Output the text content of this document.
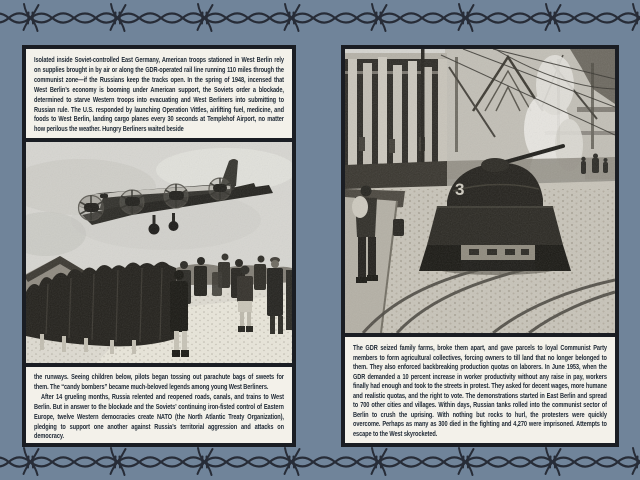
Isolated inside Soviet-controlled East Germany, American troops stationed in West Berlin rely on supplies brought in by air or along the GDR-operated rail line running 110 miles through the communist zone—if the Russians keep the tracks open. In the spring of 1948, incensed that West Berlin’s economy is booming under American support, the Soviets order a blockade, determined to starve Western troops into evacuating and West Berliners into submitting to Russian rule. The U.S. responded by launching Operation Vittles, airlifting fuel, medicine, and foods to West Berlin, landing cargo planes every 30 seconds at Templehof Airport, no matter how perilous the weather. Hungry Berliners waited beside

the runways. Seeing children below, pilots began tossing out parachute bags of sweets for them. The “candy bombers” became much-beloved legends among young West Berliners.

After 14 grueling months, Russia relented and reopened roads, canals, and trains to West Berlin. But in answer to the blockade and the Soviets’ continuing iron-fisted control of Eastern Europe, twelve Western democracies create NATO (the North Atlantic Treaty Organization), pledging to support one another against Russia’s territorial aggression and attacks on democracy.

3

The GDR seized family farms, broke them apart, and gave parcels to loyal Communist Party members to form agricultural collectives, forcing owners to till land that no longer belonged to them. They also enforced backbreaking production quotas on laborers. In June 1953, when the GDR demanded a 10 percent increase in worker productivity without any raise in pay, workers finally had enough and took to the streets in protest. They asked for decent wages, more humane and realistic quotas, and the right to vote. The demonstrations started in East Berlin and spread to 700 other cities and villages. Within days, Russian tanks rolled into the communist sector of Berlin to crush the uprising. With nothing but rocks to hurl, the protesters were quickly overcome. Perhaps as many as 300 died in the fighting and 4,270 were imprisoned. Attempts to escape to the West skyrocketed.
